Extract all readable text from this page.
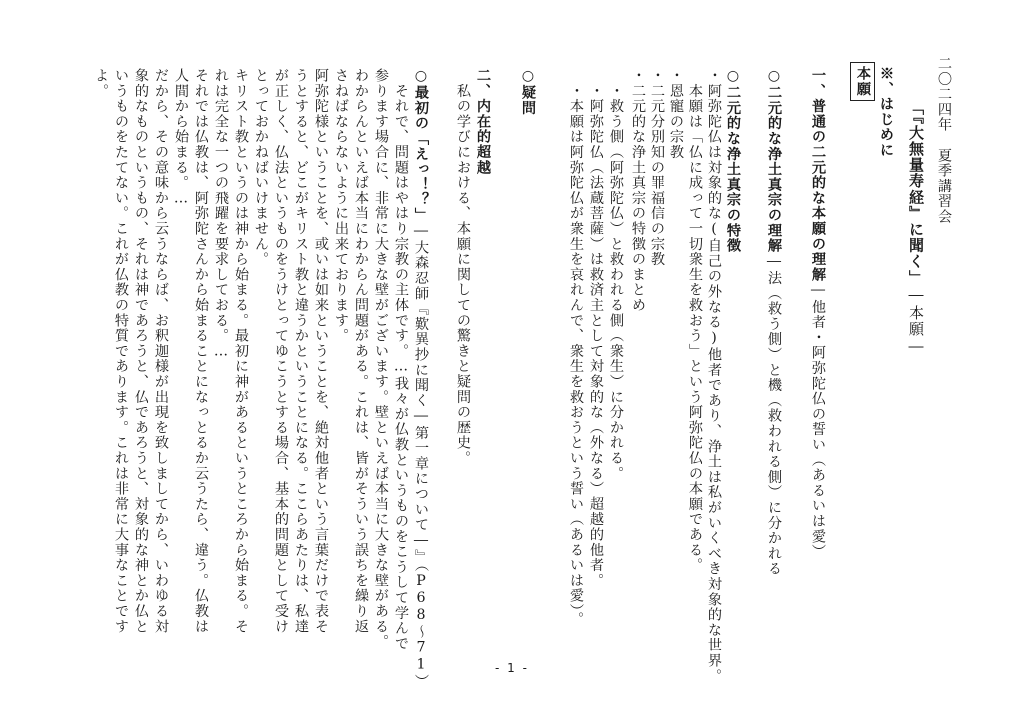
二〇二四年　夏季講習会
「『大無量寿経』に聞く」―本願―
本願 ※、はじめに
一、普通の二元的な本願の理解―他者・阿弥陀仏の誓い（あるいは愛）
○二元的な浄土真宗の理解―法（救う側）と機（救われる側）に分かれる
○二元的な浄土真宗の特徴
・阿弥陀仏は対象的な(自己の外なる)他者であり、浄土は私がいくべき対象的な世界。
　本願は「仏に成って一切衆生を救おう」という阿弥陀仏の本願である。
・恩寵の宗教
・二元分別知の罪福信の宗教
・二元的な浄土真宗の特徴のまとめ
　・救う側（阿弥陀仏）と救われる側（衆生）に分かれる。
　・阿弥陀仏（法蔵菩薩）は救済主として対象的な（外なる）超越的他者。
　・本願は阿弥陀仏が衆生を哀れんで、衆生を救おうという誓い（あるいは愛）。
○疑問
二、内在的超越
　私の学びにおける、本願に関しての驚きと疑問の歴史。
○最初の「えっ！？」―大森忍師『歎異抄に聞く―第一章について―』（P68〜71）
　それで、問題はやはり宗教の主体です。…我々が仏教というものをこうして学んで
参ります場合に、非常に大きな壁がございます。壁といえば本当に大きな壁がある。
わからんといえば本当にわからん問題がある。これは、皆がそういう誤ちを繰り返
さねばならないように出来ております。
阿弥陀様ということを、或いは如来ということを、絶対他者という言葉だけで表そ
うとすると、どこがキリスト教と違うかということになる。ここらあたりは、私達
が正しく、仏法というものをうけとってゆこうとする場合、基本的問題として受け
とっておかねばいけません。
キリスト教というのは神から始まる。最初に神があるというところから始まる。そ
れは完全な一つの飛躍を要求しておる。…
それでは仏教は、阿弥陀さんから始まることになっとるか云うたら、違う。仏教は
人間から始まる。…
だから、その意味から云うならば、お釈迦様が出現を致しましてから、いわゆる対
象的なものというもの、それは神であろうと、仏であろうと、対象的な神とか仏と
いうものをたてない。これが仏教の特質であります。これは非常に大事なことです
よ。
- 1 -
